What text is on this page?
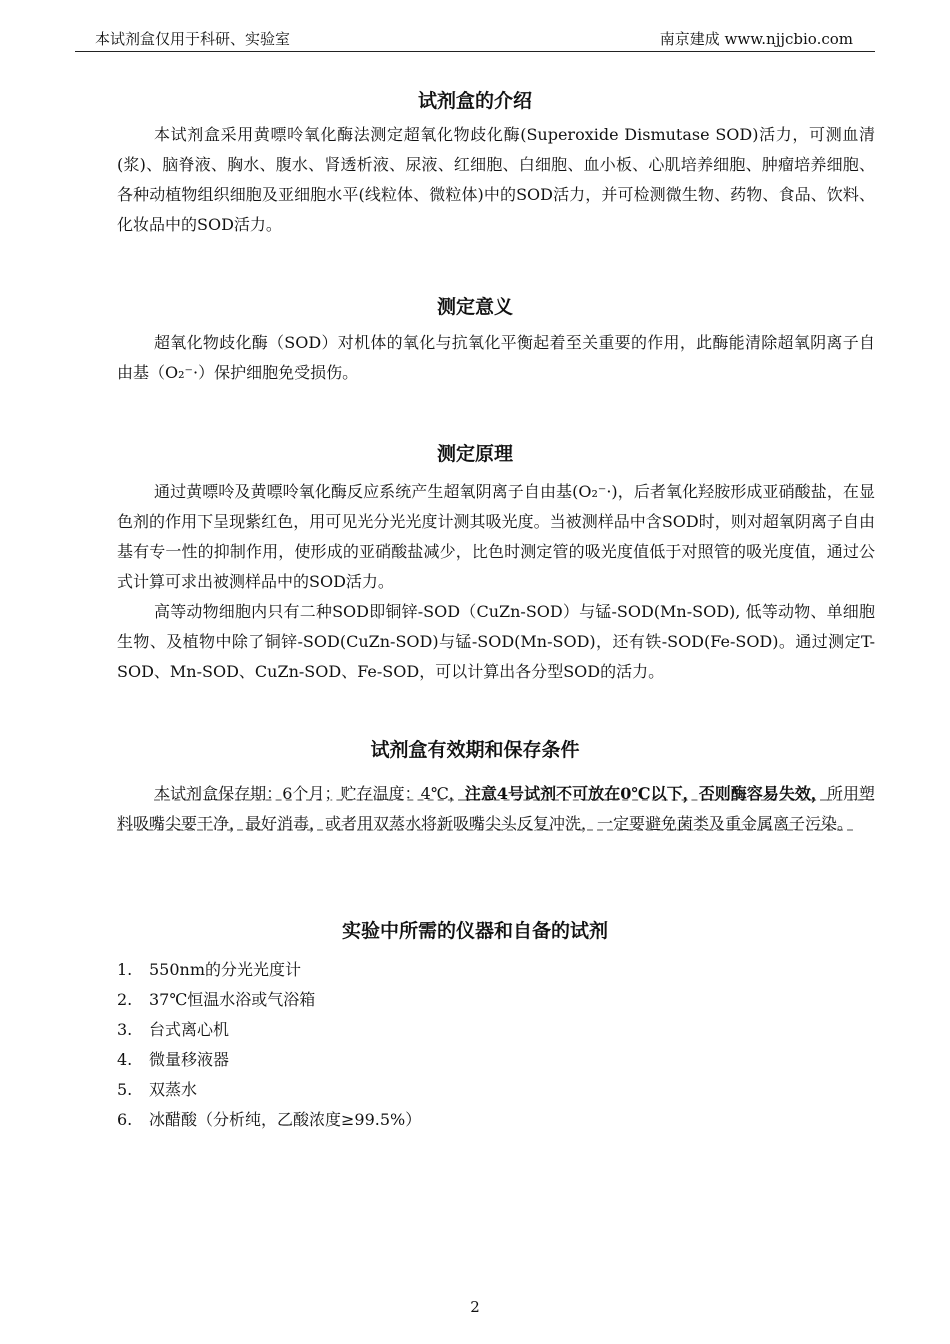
本试剂盒仅用于科研、实验室	南京建成 www.njjcbio.com
试剂盒的介绍
本试剂盒采用黄嘌呤氧化酶法测定超氧化物歧化酶(Superoxide Dismutase SOD)活力，可测血清(浆)、脑脊液、胸水、腹水、肾透析液、尿液、红细胞、白细胞、血小板、心肌培养细胞、肿瘤培养细胞、各种动植物组织细胞及亚细胞水平(线粒体、微粒体)中的SOD活力，并可检测微生物、药物、食品、饮料、化妆品中的SOD活力。
测定意义
超氧化物歧化酶（SOD）对机体的氧化与抗氧化平衡起着至关重要的作用，此酶能清除超氧阴离子自由基（O₂⁻·）保护细胞免受损伤。
测定原理
通过黄嘌呤及黄嘌呤氧化酶反应系统产生超氧阴离子自由基(O₂⁻·)，后者氧化羟胺形成亚硝酸盐，在显色剂的作用下呈现紫红色，用可见光分光光度计测其吸光度。当被测样品中含SOD时，则对超氧阴离子自由基有专一性的抑制作用，使形成的亚硝酸盐减少，比色时测定管的吸光度值低于对照管的吸光度值，通过公式计算可求出被测样品中的SOD活力。
高等动物细胞内只有二种SOD即铜锌-SOD（CuZn-SOD）与锰-SOD(Mn-SOD), 低等动物、单细胞生物、及植物中除了铜锌-SOD(CuZn-SOD)与锰-SOD(Mn-SOD)，还有铁-SOD(Fe-SOD)。通过测定T-SOD、Mn-SOD、CuZn-SOD、Fe-SOD，可以计算出各分型SOD的活力。
试剂盒有效期和保存条件
本试剂盒保存期：6个月；贮存温度：4℃，注意4号试剂不可放在0℃以下，否则酶容易失效，所用塑料吸嘴尖要干净，最好消毒，或者用双蒸水将新吸嘴尖头反复冲洗，一定要避免菌类及重金属离子污染。
实验中所需的仪器和自备的试剂
1. 550nm的分光光度计
2. 37℃恒温水浴或气浴箱
3. 台式离心机
4. 微量移液器
5. 双蒸水
6. 冰醋酸（分析纯，乙酸浓度≥99.5%）
2
